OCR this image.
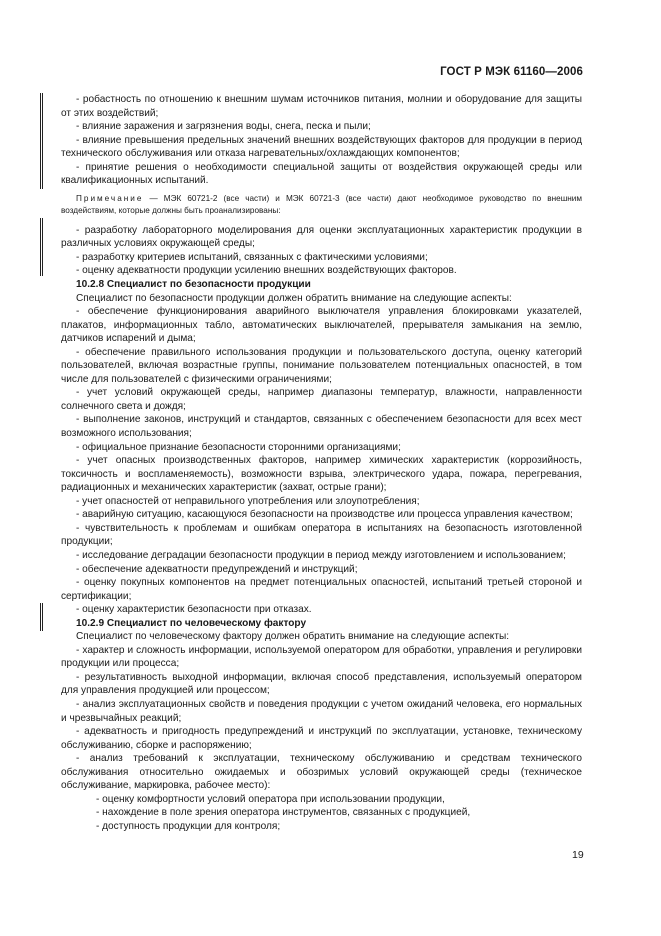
ГОСТ Р МЭК 61160—2006

- робастность по отношению к внешним шумам источников питания, молнии и оборудование для защиты от этих воздействий;

- влияние заражения и загрязнения воды, снега, песка и пыли;

- влияние превышения предельных значений внешних воздействующих факторов для продукции в период технического обслуживания или отказа нагревательных/охлаждающих компонентов;

- принятие решения о необходимости специальной защиты от воздействия окружающей среды или квалификационных испытаний.

Примечание — МЭК 60721-2 (все части) и МЭК 60721-3 (все части) дают необходимое руководство по внешним воздействиям, которые должны быть проанализированы:

- разработку лабораторного моделирования для оценки эксплуатационных характеристик продукции в различных условиях окружающей среды;

- разработку критериев испытаний, связанных с фактическими условиями;

- оценку адекватности продукции усилению внешних воздействующих факторов.

10.2.8 Специалист по безопасности продукции

Специалист по безопасности продукции должен обратить внимание на следующие аспекты:

- обеспечение функционирования аварийного выключателя управления блокировками указателей, плакатов, информационных табло, автоматических выключателей, прерывателя замыкания на землю, датчиков испарений и дыма;

- обеспечение правильного использования продукции и пользовательского доступа, оценку категорий пользователей, включая возрастные группы, понимание пользователем потенциальных опасностей, в том числе для пользователей с физическими ограничениями;

- учет условий окружающей среды, например диапазоны температур, влажности, направленности солнечного света и дождя;

- выполнение законов, инструкций и стандартов, связанных с обеспечением безопасности для всех мест возможного использования;

- официальное признание безопасности сторонними организациями;

- учет опасных производственных факторов, например химических характеристик (коррозийность, токсичность и воспламеняемость), возможности взрыва, электрического удара, пожара, перегревания, радиационных и механических характеристик (захват, острые грани);

- учет опасностей от неправильного употребления или злоупотребления;

- аварийную ситуацию, касающуюся безопасности на производстве или процесса управления качеством;

- чувствительность к проблемам и ошибкам оператора в испытаниях на безопасность изготовленной продукции;

- исследование деградации безопасности продукции в период между изготовлением и использованием;

- обеспечение адекватности предупреждений и инструкций;

- оценку покупных компонентов на предмет потенциальных опасностей, испытаний третьей стороной и сертификации;

- оценку характеристик безопасности при отказах.

10.2.9 Специалист по человеческому фактору

Специалист по человеческому фактору должен обратить внимание на следующие аспекты:

- характер и сложность информации, используемой оператором для обработки, управления и регулировки продукции или процесса;

- результативность выходной информации, включая способ представления, используемый оператором для управления продукцией или процессом;

- анализ эксплуатационных свойств и поведения продукции с учетом ожиданий человека, его нормальных и чрезвычайных реакций;

- адекватность и пригодность предупреждений и инструкций по эксплуатации, установке, техническому обслуживанию, сборке и распоряжению;

- анализ требований к эксплуатации, техническому обслуживанию и средствам технического обслуживания относительно ожидаемых и обозримых условий окружающей среды (техническое обслуживание, маркировка, рабочее место):

- оценку комфортности условий оператора при использовании продукции,

- нахождение в поле зрения оператора инструментов, связанных с продукцией,

- доступность продукции для контроля;

19
